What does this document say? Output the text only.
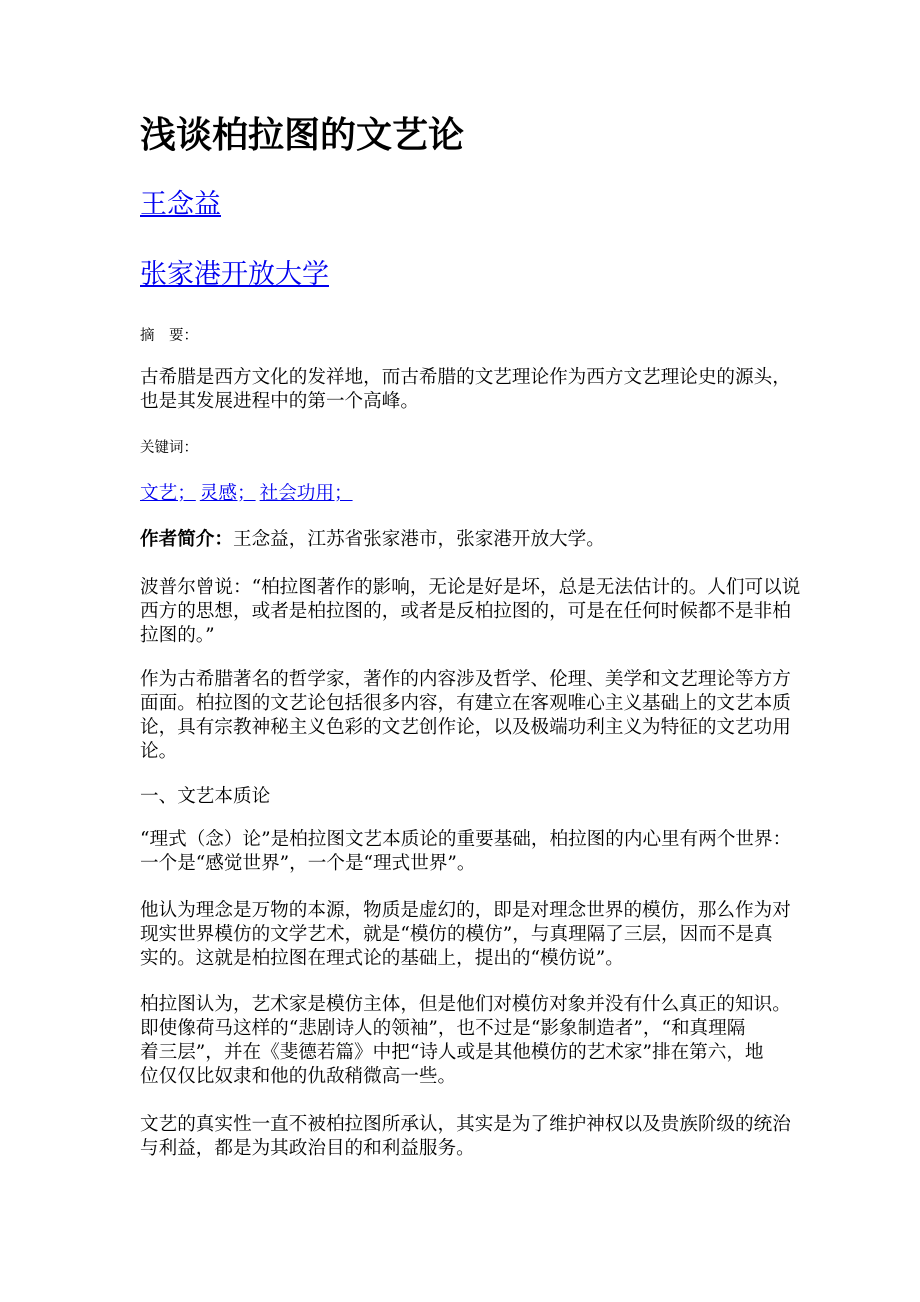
浅谈柏拉图的文艺论
王念益
张家港开放大学
摘　要：
古希腊是西方文化的发祥地，而古希腊的文艺理论作为西方文艺理论史的源头，
也是其发展进程中的第一个高峰。
关键词：
文艺； 灵感； 社会功用；
作者简介：王念益，江苏省张家港市，张家港开放大学。
波普尔曾说：“柏拉图著作的影响，无论是好是坏，总是无法估计的。人们可以说
西方的思想，或者是柏拉图的，或者是反柏拉图的，可是在任何时候都不是非柏
拉图的。”
作为古希腊著名的哲学家，著作的内容涉及哲学、伦理、美学和文艺理论等方方
面面。柏拉图的文艺论包括很多内容，有建立在客观唯心主义基础上的文艺本质
论，具有宗教神秘主义色彩的文艺创作论，以及极端功利主义为特征的文艺功用
论。
一、文艺本质论
“理式（念）论”是柏拉图文艺本质论的重要基础，柏拉图的内心里有两个世界：
一个是“感觉世界”，一个是“理式世界”。
他认为理念是万物的本源，物质是虚幻的，即是对理念世界的模仿，那么作为对
现实世界模仿的文学艺术，就是“模仿的模仿”，与真理隔了三层，因而不是真
实的。这就是柏拉图在理式论的基础上，提出的“模仿说”。
柏拉图认为，艺术家是模仿主体，但是他们对模仿对象并没有什么真正的知识。
即使像荷马这样的“悲剧诗人的领袖”，也不过是“影象制造者”，“和真理隔
着三层”，并在《斐德若篇》中把“诗人或是其他模仿的艺术家”排在第六，地
位仅仅比奴隶和他的仇敌稍微高一些。
文艺的真实性一直不被柏拉图所承认，其实是为了维护神权以及贵族阶级的统治
与利益，都是为其政治目的和利益服务。
